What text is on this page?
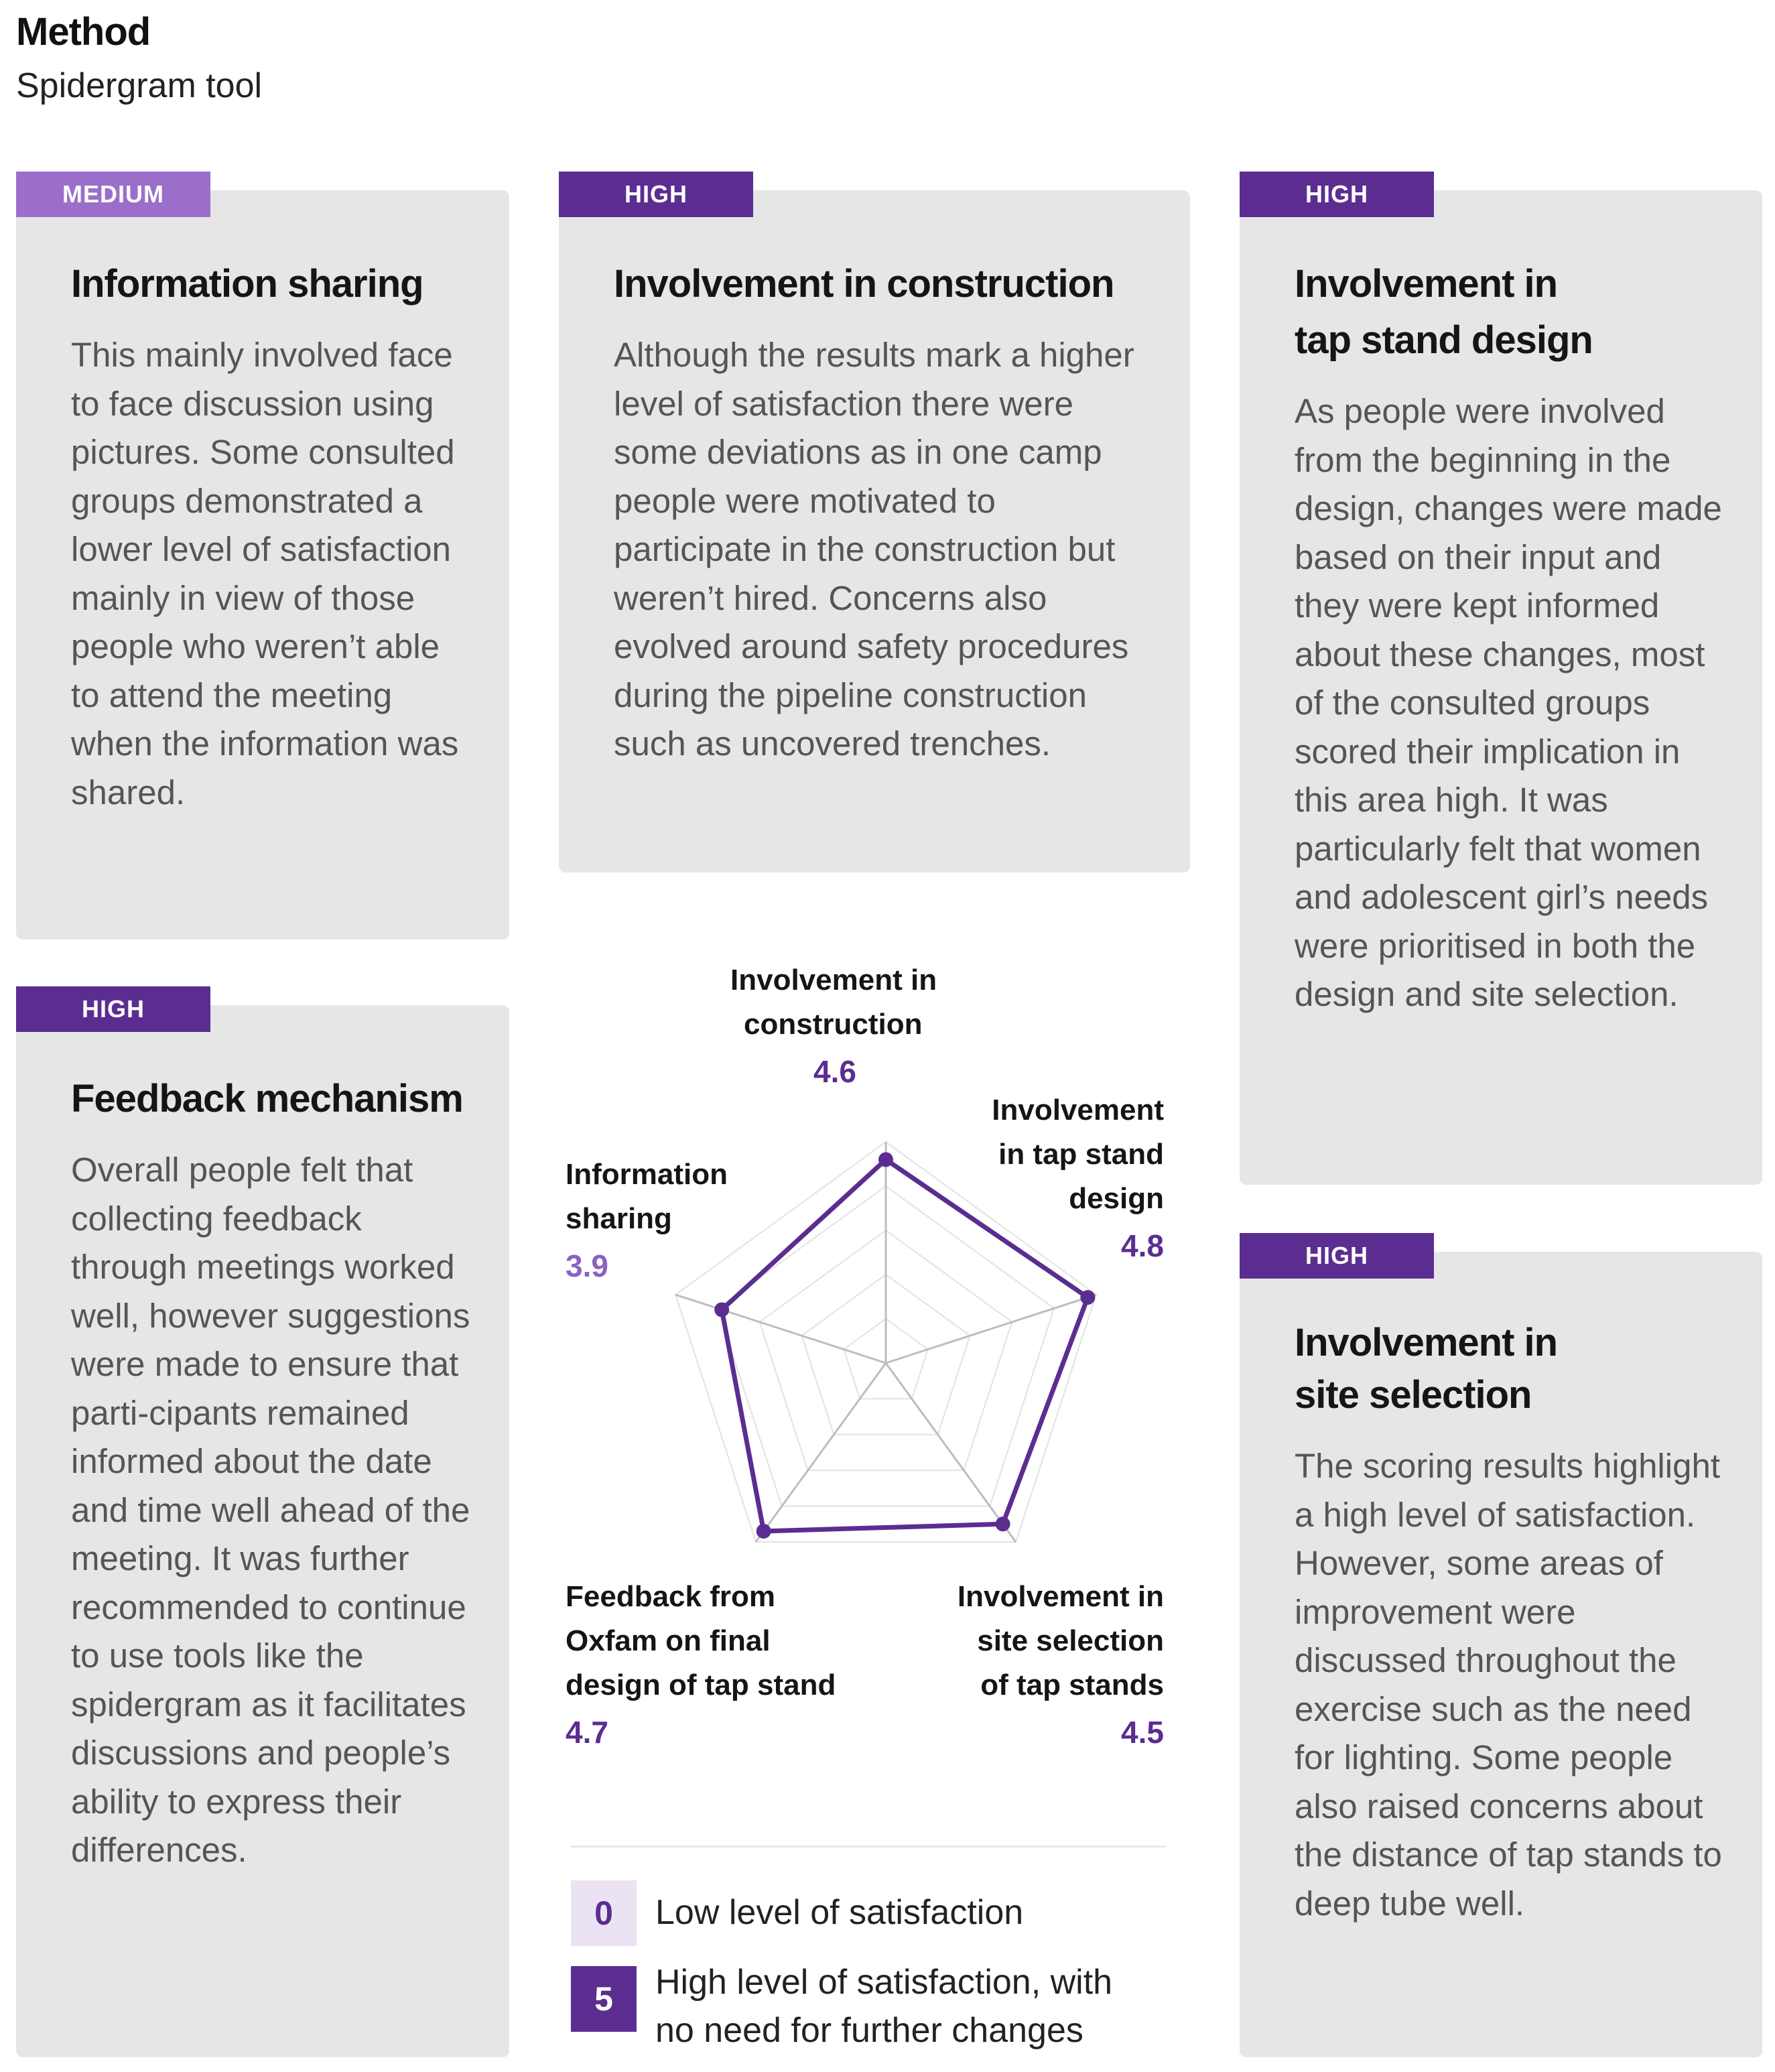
Method
Spidergram tool
MEDIUM
Information sharing
This mainly involved face to face discussion using pictures. Some consulted groups demonstrated a lower level of satisfaction mainly in view of those people who weren’t able to attend the meeting when the information was shared.
HIGH
Involvement in construction
Although the results mark a higher level of satisfaction there were some deviations as in one camp people were motivated to participate in the construction but weren’t hired. Concerns also evolved around safety procedures during the pipeline construction such as uncovered trenches.
HIGH
Involvement in
tap stand design
As people were involved from the beginning in the design, changes were made based on their input and they were kept informed about these changes, most of the consulted groups scored their implication in this area high. It was particularly felt that women and adolescent girl’s needs were prioritised in both the design and site selection.
HIGH
Feedback mechanism
Overall people felt that collecting feedback through meetings worked well, however suggestions were made to ensure that parti-cipants remained informed about the date and time well ahead of the meeting. It was further recommended to continue to use tools like the spidergram as it facilitates discussions and people’s ability to express their differences.
HIGH
Involvement in
site selection
The scoring results highlight a high level of satisfaction. However, some areas of improvement were discussed throughout the exercise such as the need for lighting. Some people also raised concerns about the distance of tap stands to deep tube well.
Involvement in
construction
4.6
Involvement
in tap stand
design
4.8
Involvement in
site selection
of tap stands
4.5
Feedback from
Oxfam on final
design of tap stand
4.7
Information
sharing
3.9
0	Low level of satisfaction
5	High level of satisfaction, with
no need for further changes
